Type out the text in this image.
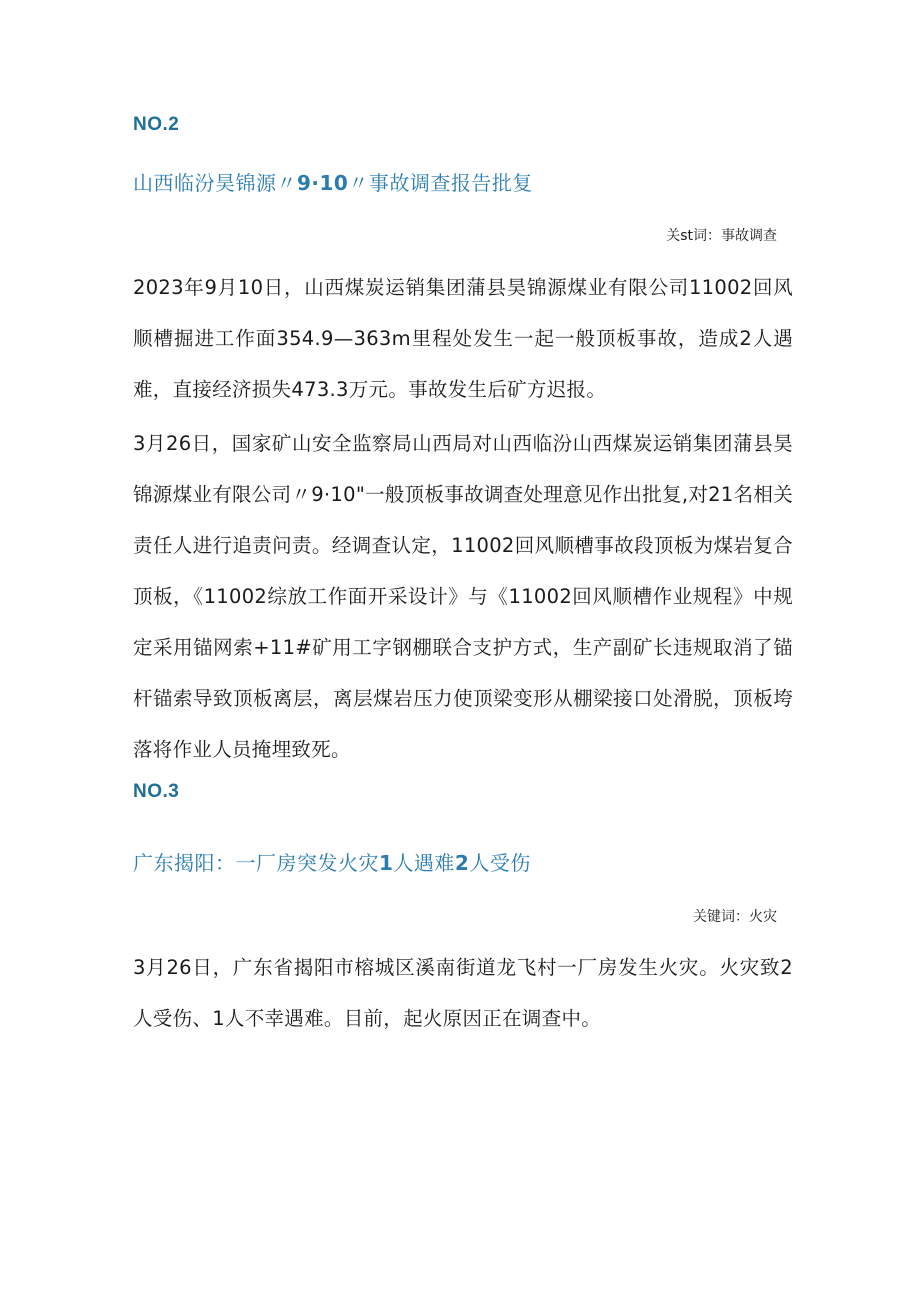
NO.2
山西临汾昊锦源〃9·10〃事故调查报告批复
关st词：事故调查

2023年9月10日，山西煤炭运销集团蒲县昊锦源煤业有限公司11002回风顺槽掘进工作面354.9—363m里程处发生一起一般顶板事故，造成2人遇难，直接经济损失473.3万元。事故发生后矿方迟报。

3月26日，国家矿山安全监察局山西局对山西临汾山西煤炭运销集团蒲县昊锦源煤业有限公司〃9·10"一般顶板事故调查处理意见作出批复,对21名相关责任人进行追责问责。经调查认定，11002回风顺槽事故段顶板为煤岩复合顶板，《11002综放工作面开采设计》与《11002回风顺槽作业规程》中规定采用锚网索+11#矿用工字钢棚联合支护方式，生产副矿长违规取消了锚杆锚索导致顶板离层，离层煤岩压力使顶梁变形从棚梁接口处滑脱，顶板垮落将作业人员掩埋致死。

NO.3
广东揭阳：一厂房突发火灾1人遇难2人受伤
关键词：火灾

3月26日，广东省揭阳市榕城区溪南街道龙飞村一厂房发生火灾。火灾致2人受伤、1人不幸遇难。目前，起火原因正在调查中。
